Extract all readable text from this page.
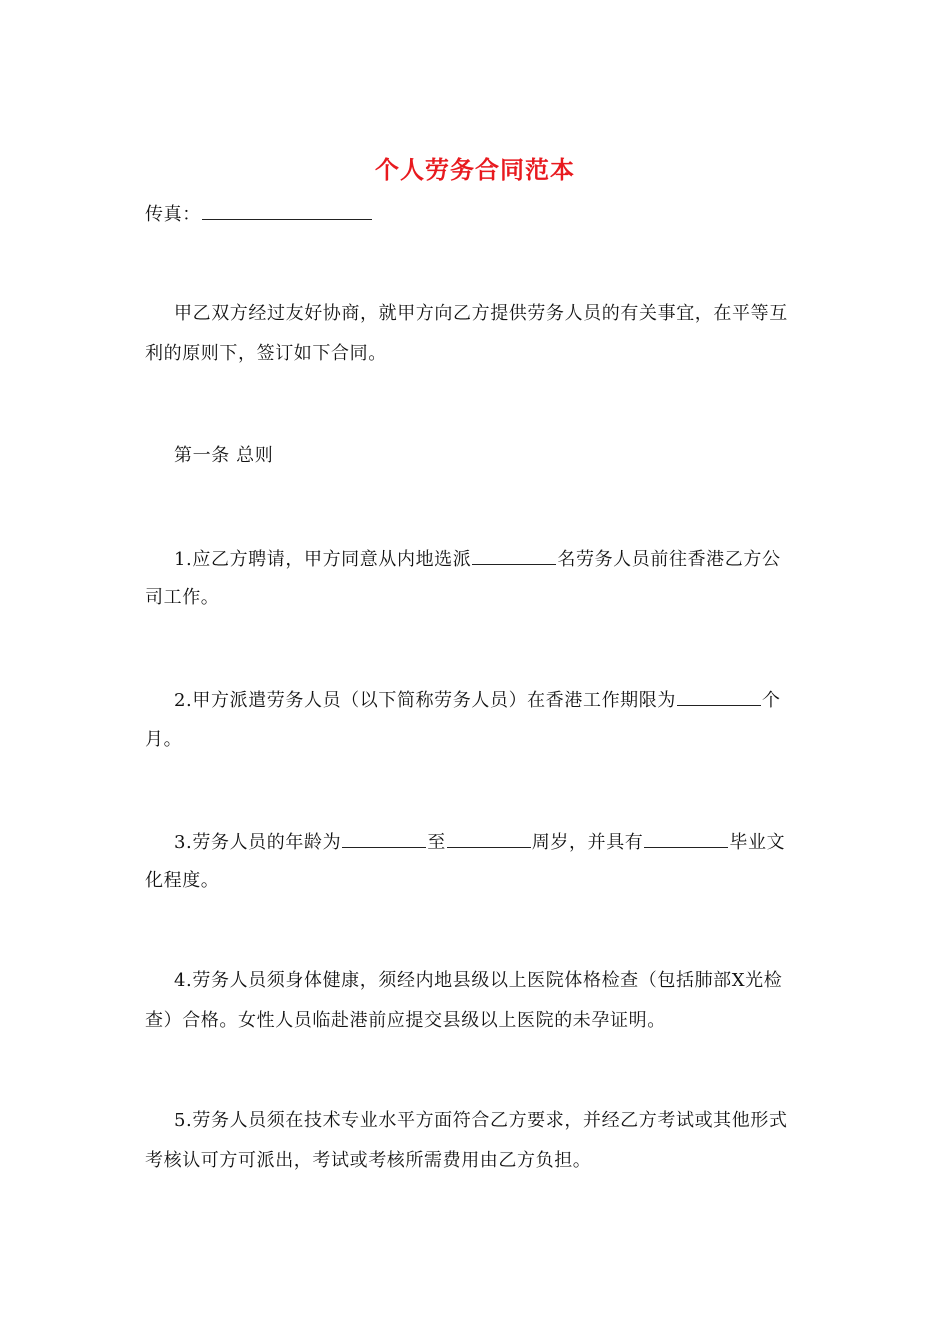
个人劳务合同范本
传真：
甲乙双方经过友好协商，就甲方向乙方提供劳务人员的有关事宜，在平等互
利的原则下，签订如下合同。
第一条 总则
1.应乙方聘请，甲方同意从内地选派	名劳务人员前往香港乙方公
司工作。
2.甲方派遣劳务人员（以下简称劳务人员）在香港工作期限为	个
月。
3.劳务人员的年龄为	至	周岁，并具有	毕业文
化程度。
4.劳务人员须身体健康，须经内地县级以上医院体格检查（包括肺部X光检
查）合格。女性人员临赴港前应提交县级以上医院的未孕证明。
5.劳务人员须在技术专业水平方面符合乙方要求，并经乙方考试或其他形式
考核认可方可派出，考试或考核所需费用由乙方负担。
